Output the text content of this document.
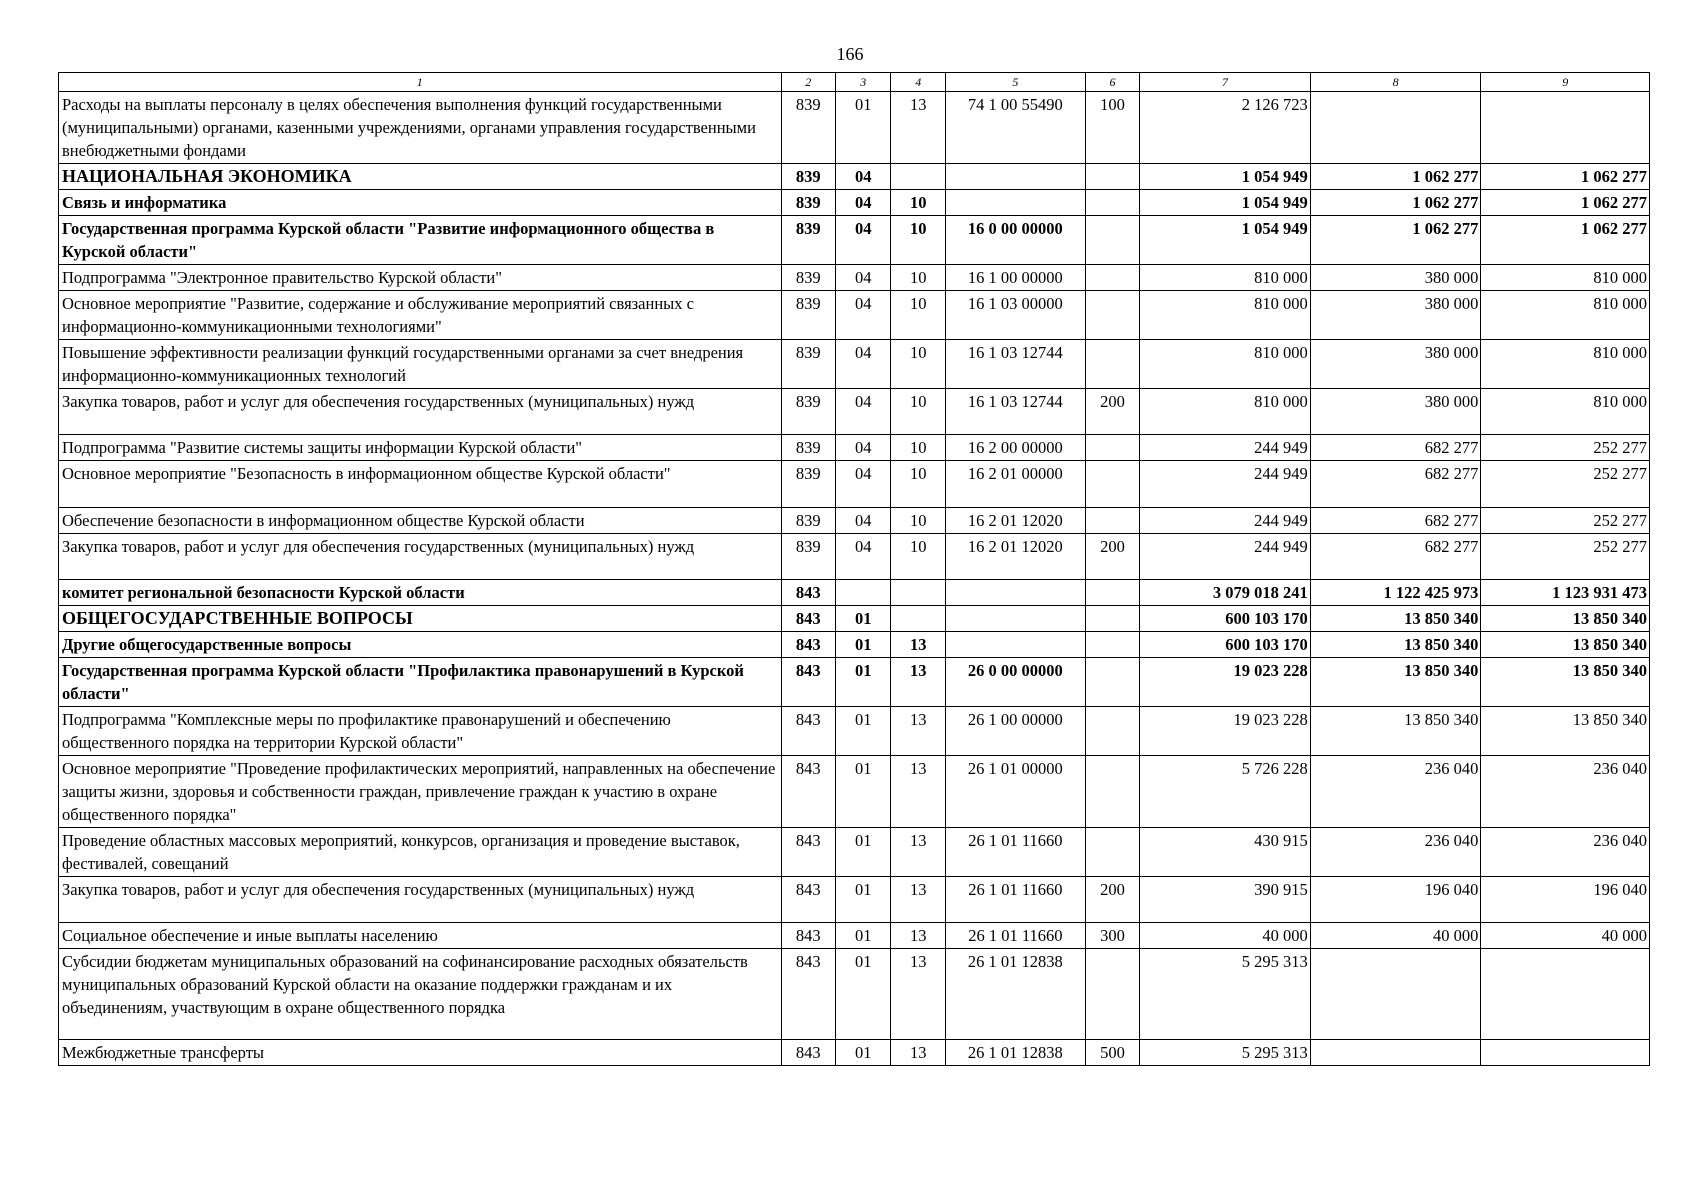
166
1	2	3	4	5	6	7	8	9
Расходы на выплаты персоналу в целях обеспечения выполнения функций государственными (муниципальными) органами, казенными учреждениями, органами управления государственными внебюджетными фондами	839	01	13	74 1 00 55490	100	2 126 723		
НАЦИОНАЛЬНАЯ ЭКОНОМИКА	839	04				1 054 949	1 062 277	1 062 277
Связь и информатика	839	04	10			1 054 949	1 062 277	1 062 277
Государственная программа Курской области "Развитие информационного общества в Курской области"	839	04	10	16 0 00 00000		1 054 949	1 062 277	1 062 277
Подпрограмма "Электронное правительство Курской области"	839	04	10	16 1 00 00000		810 000	380 000	810 000
Основное мероприятие "Развитие, содержание и обслуживание мероприятий связанных с информационно-коммуникационными технологиями"	839	04	10	16 1 03 00000		810 000	380 000	810 000
Повышение эффективности реализации функций государственными органами за счет внедрения информационно-коммуникационных технологий	839	04	10	16 1 03 12744		810 000	380 000	810 000
Закупка товаров, работ и услуг для обеспечения государственных (муниципальных) нужд	839	04	10	16 1 03 12744	200	810 000	380 000	810 000
Подпрограмма "Развитие системы защиты информации Курской области"	839	04	10	16 2 00 00000		244 949	682 277	252 277
Основное мероприятие "Безопасность в информационном обществе Курской области"	839	04	10	16 2 01 00000		244 949	682 277	252 277
Обеспечение безопасности в информационном обществе Курской области	839	04	10	16 2 01 12020		244 949	682 277	252 277
Закупка товаров, работ и услуг для обеспечения государственных (муниципальных) нужд	839	04	10	16 2 01 12020	200	244 949	682 277	252 277
комитет региональной безопасности Курской области	843					3 079 018 241	1 122 425 973	1 123 931 473
ОБЩЕГОСУДАРСТВЕННЫЕ ВОПРОСЫ	843	01				600 103 170	13 850 340	13 850 340
Другие общегосударственные вопросы	843	01	13			600 103 170	13 850 340	13 850 340
Государственная программа Курской области "Профилактика правонарушений в Курской области"	843	01	13	26 0 00 00000		19 023 228	13 850 340	13 850 340
Подпрограмма "Комплексные меры по профилактике правонарушений и обеспечению общественного порядка на территории Курской области"	843	01	13	26 1 00 00000		19 023 228	13 850 340	13 850 340
Основное мероприятие "Проведение профилактических мероприятий, направленных на обеспечение защиты жизни, здоровья и собственности граждан, привлечение граждан к участию в охране общественного порядка"	843	01	13	26 1 01 00000		5 726 228	236 040	236 040
Проведение областных массовых мероприятий, конкурсов, организация и проведение выставок, фестивалей, совещаний	843	01	13	26 1 01 11660		430 915	236 040	236 040
Закупка товаров, работ и услуг для обеспечения государственных (муниципальных) нужд	843	01	13	26 1 01 11660	200	390 915	196 040	196 040
Социальное обеспечение и иные выплаты населению	843	01	13	26 1 01 11660	300	40 000	40 000	40 000
Субсидии бюджетам муниципальных образований на софинансирование расходных обязательств муниципальных образований Курской области на оказание поддержки гражданам и их объединениям, участвующим в охране общественного порядка	843	01	13	26 1 01 12838		5 295 313		
Межбюджетные трансферты	843	01	13	26 1 01 12838	500	5 295 313		
